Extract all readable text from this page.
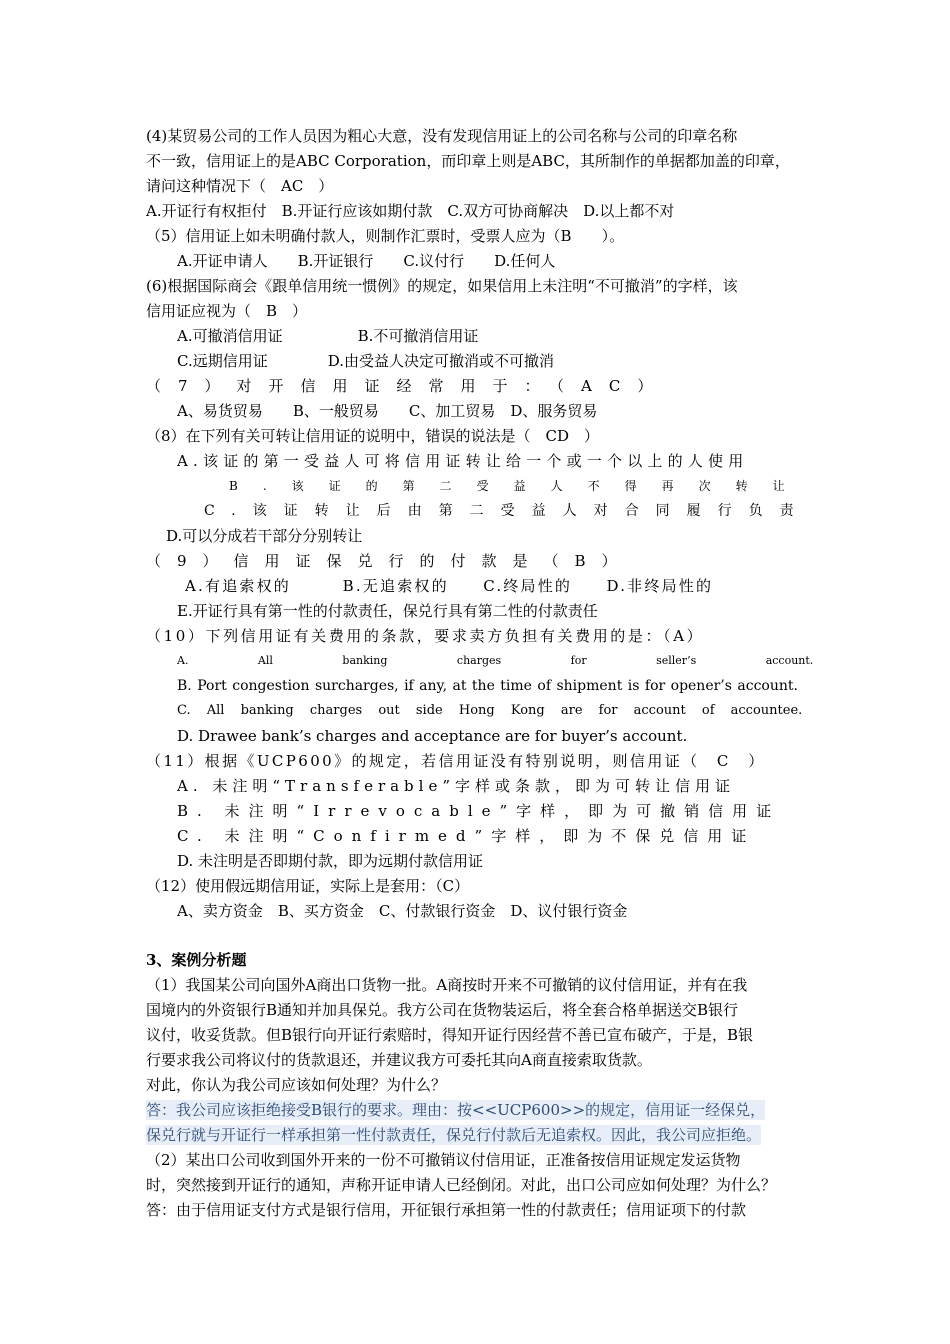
(4)某贸易公司的工作人员因为粗心大意，没有发现信用证上的公司名称与公司的印章名称
不一致，信用证上的是ABC Corporation，而印章上则是ABC，其所制作的单据都加盖的印章，
请问这种情况下（　AC　）
A.开证行有权拒付　B.开证行应该如期付款　C.双方可协商解决　D.以上都不对
（5）信用证上如未明确付款人，则制作汇票时，受票人应为（B　　）。
A.开证申请人　　B.开证银行　　C.议付行　　D.任何人
(6)根据国际商会《跟单信用统一惯例》的规定，如果信用上未注明“不可撤消”的字样，该
信用证应视为（　B　）
A.可撤消信用证　　　　　B.不可撤消信用证
C.远期信用证　　　　D.由受益人决定可撤消或不可撤消
（7）对开信用证经常用于：（AC）
A、易货贸易　　B、一般贸易　　C、加工贸易　D、服务贸易
（8）在下列有关可转让信用证的说明中，错误的说法是（　CD　）
A.该证的第一受益人可将信用证转让给一个或一个以上的人使用
B.该证的第二受益人不得再次转让
C.该证转让后由第二受益人对合同履行负责
D.可以分成若干部分分别转让
（9）信用证保兑行的付款是（B）
A.有追索权的　　　B.无追索权的　　C.终局性的　　D.非终局性的
E.开证行具有第一性的付款责任，保兑行具有第二性的付款责任
（10）下列信用证有关费用的条款，要求卖方负担有关费用的是：（A）
A. All banking charges for seller’s account.
B. Port congestion surcharges, if any, at the time of shipment is for opener’s account.
C. All banking charges out side Hong Kong are for account of accountee.
D. Drawee bank’s charges and acceptance are for buyer’s account.
（11）根据《UCP600》的规定，若信用证没有特别说明，则信用证（　C　）
A. 未注明“Transferable”字样或条款，即为可转让信用证
B. 未注明“Irrevocable”字样，即为可撤销信用证
C. 未注明“Confirmed”字样，即为不保兑信用证
D. 未注明是否即期付款，即为远期付款信用证
（12）使用假远期信用证，实际上是套用：（C）
A、卖方资金　B、买方资金　C、付款银行资金　D、议付银行资金
3、案例分析题
（1）我国某公司向国外A商出口货物一批。A商按时开来不可撤销的议付信用证，并有在我
国境内的外资银行B通知并加具保兑。我方公司在货物装运后，将全套合格单据送交B银行
议付，收妥货款。但B银行向开证行索赔时，得知开证行因经营不善已宣布破产，于是，B银
行要求我公司将议付的货款退还，并建议我方可委托其向A商直接索取货款。
对此，你认为我公司应该如何处理？为什么？
答：我公司应该拒绝接受B银行的要求。理由：按<<UCP600>>的规定，信用证一经保兑，
保兑行就与开证行一样承担第一性付款责任，保兑行付款后无追索权。因此，我公司应拒绝。
（2）某出口公司收到国外开来的一份不可撤销议付信用证，正准备按信用证规定发运货物
时，突然接到开证行的通知，声称开证申请人已经倒闭。对此，出口公司应如何处理？为什么？
答：由于信用证支付方式是银行信用，开征银行承担第一性的付款责任；信用证项下的付款
